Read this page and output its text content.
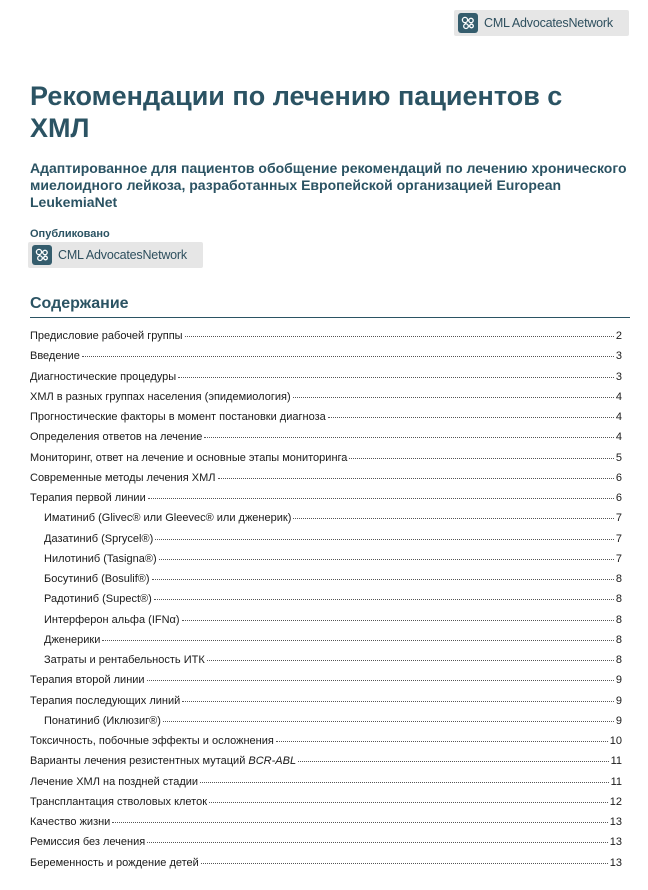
CML AdvocatesNetwork
Рекомендации по лечению пациентов с ХМЛ

Адаптированное для пациентов обобщение рекомендаций по лечению хронического миелоидного лейкоза, разработанных Европейской организацией European LeukemiaNet

Опубликовано
CML AdvocatesNetwork
Содержание
Предисловие рабочей группы	2
Введение	3
Диагностические процедуры	3
ХМЛ в разных группах населения (эпидемиология)	4
Прогностические факторы в момент постановки диагноза	4
Определения ответов на лечение	4
Мониторинг, ответ на лечение и основные этапы мониторинга	5
Современные методы лечения ХМЛ	6
Терапия первой линии	6
Иматиниб (Glivec® или Gleevec® или дженерик)	7
Дазатиниб (Sprycel®)	7
Нилотиниб (Tasigna®)	7
Босутиниб (Bosulif®)	8
Радотиниб (Supect®)	8
Интерферон альфа (IFNα)	8
Дженерики	8
Затраты и рентабельность ИТК	8
Терапия второй линии	9
Терапия последующих линий	9
Понатиниб (Иклюзиг®)	9
Токсичность, побочные эффекты и осложнения	10
Варианты лечения резистентных мутаций BCR-ABL	11
Лечение ХМЛ на поздней стадии	11
Трансплантация стволовых клеток	12
Качество жизни	13
Ремиссия без лечения	13
Беременность и рождение детей	13
